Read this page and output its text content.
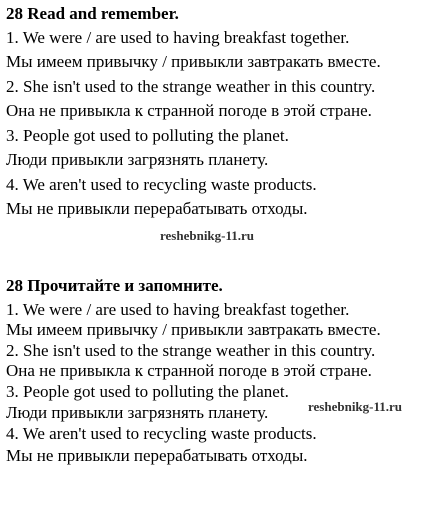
28 Read and remember.
1. We were / are used to having breakfast together.
Мы имеем привычку / привыкли завтракать вместе.
2. She isn't used to the strange weather in this country.
Она не привыкла к странной погоде в этой стране.
3. People got used to polluting the planet.
Люди привыкли загрязнять планету.
4. We aren't used to recycling waste products.
Мы не привыкли перерабатывать отходы.
reshebnikg-11.ru
28 Прочитайте и запомните.
1. We were / are used to having breakfast together.
Мы имеем привычку / привыкли завтракать вместе.
2. She isn't used to the strange weather in this country.
Она не привыкла к странной погоде в этой стране.
3. People got used to polluting the planet.
Люди привыкли загрязнять планету.
4. We aren't used to recycling waste products.
Мы не привыкли перерабатывать отходы.
reshebnikg-11.ru
